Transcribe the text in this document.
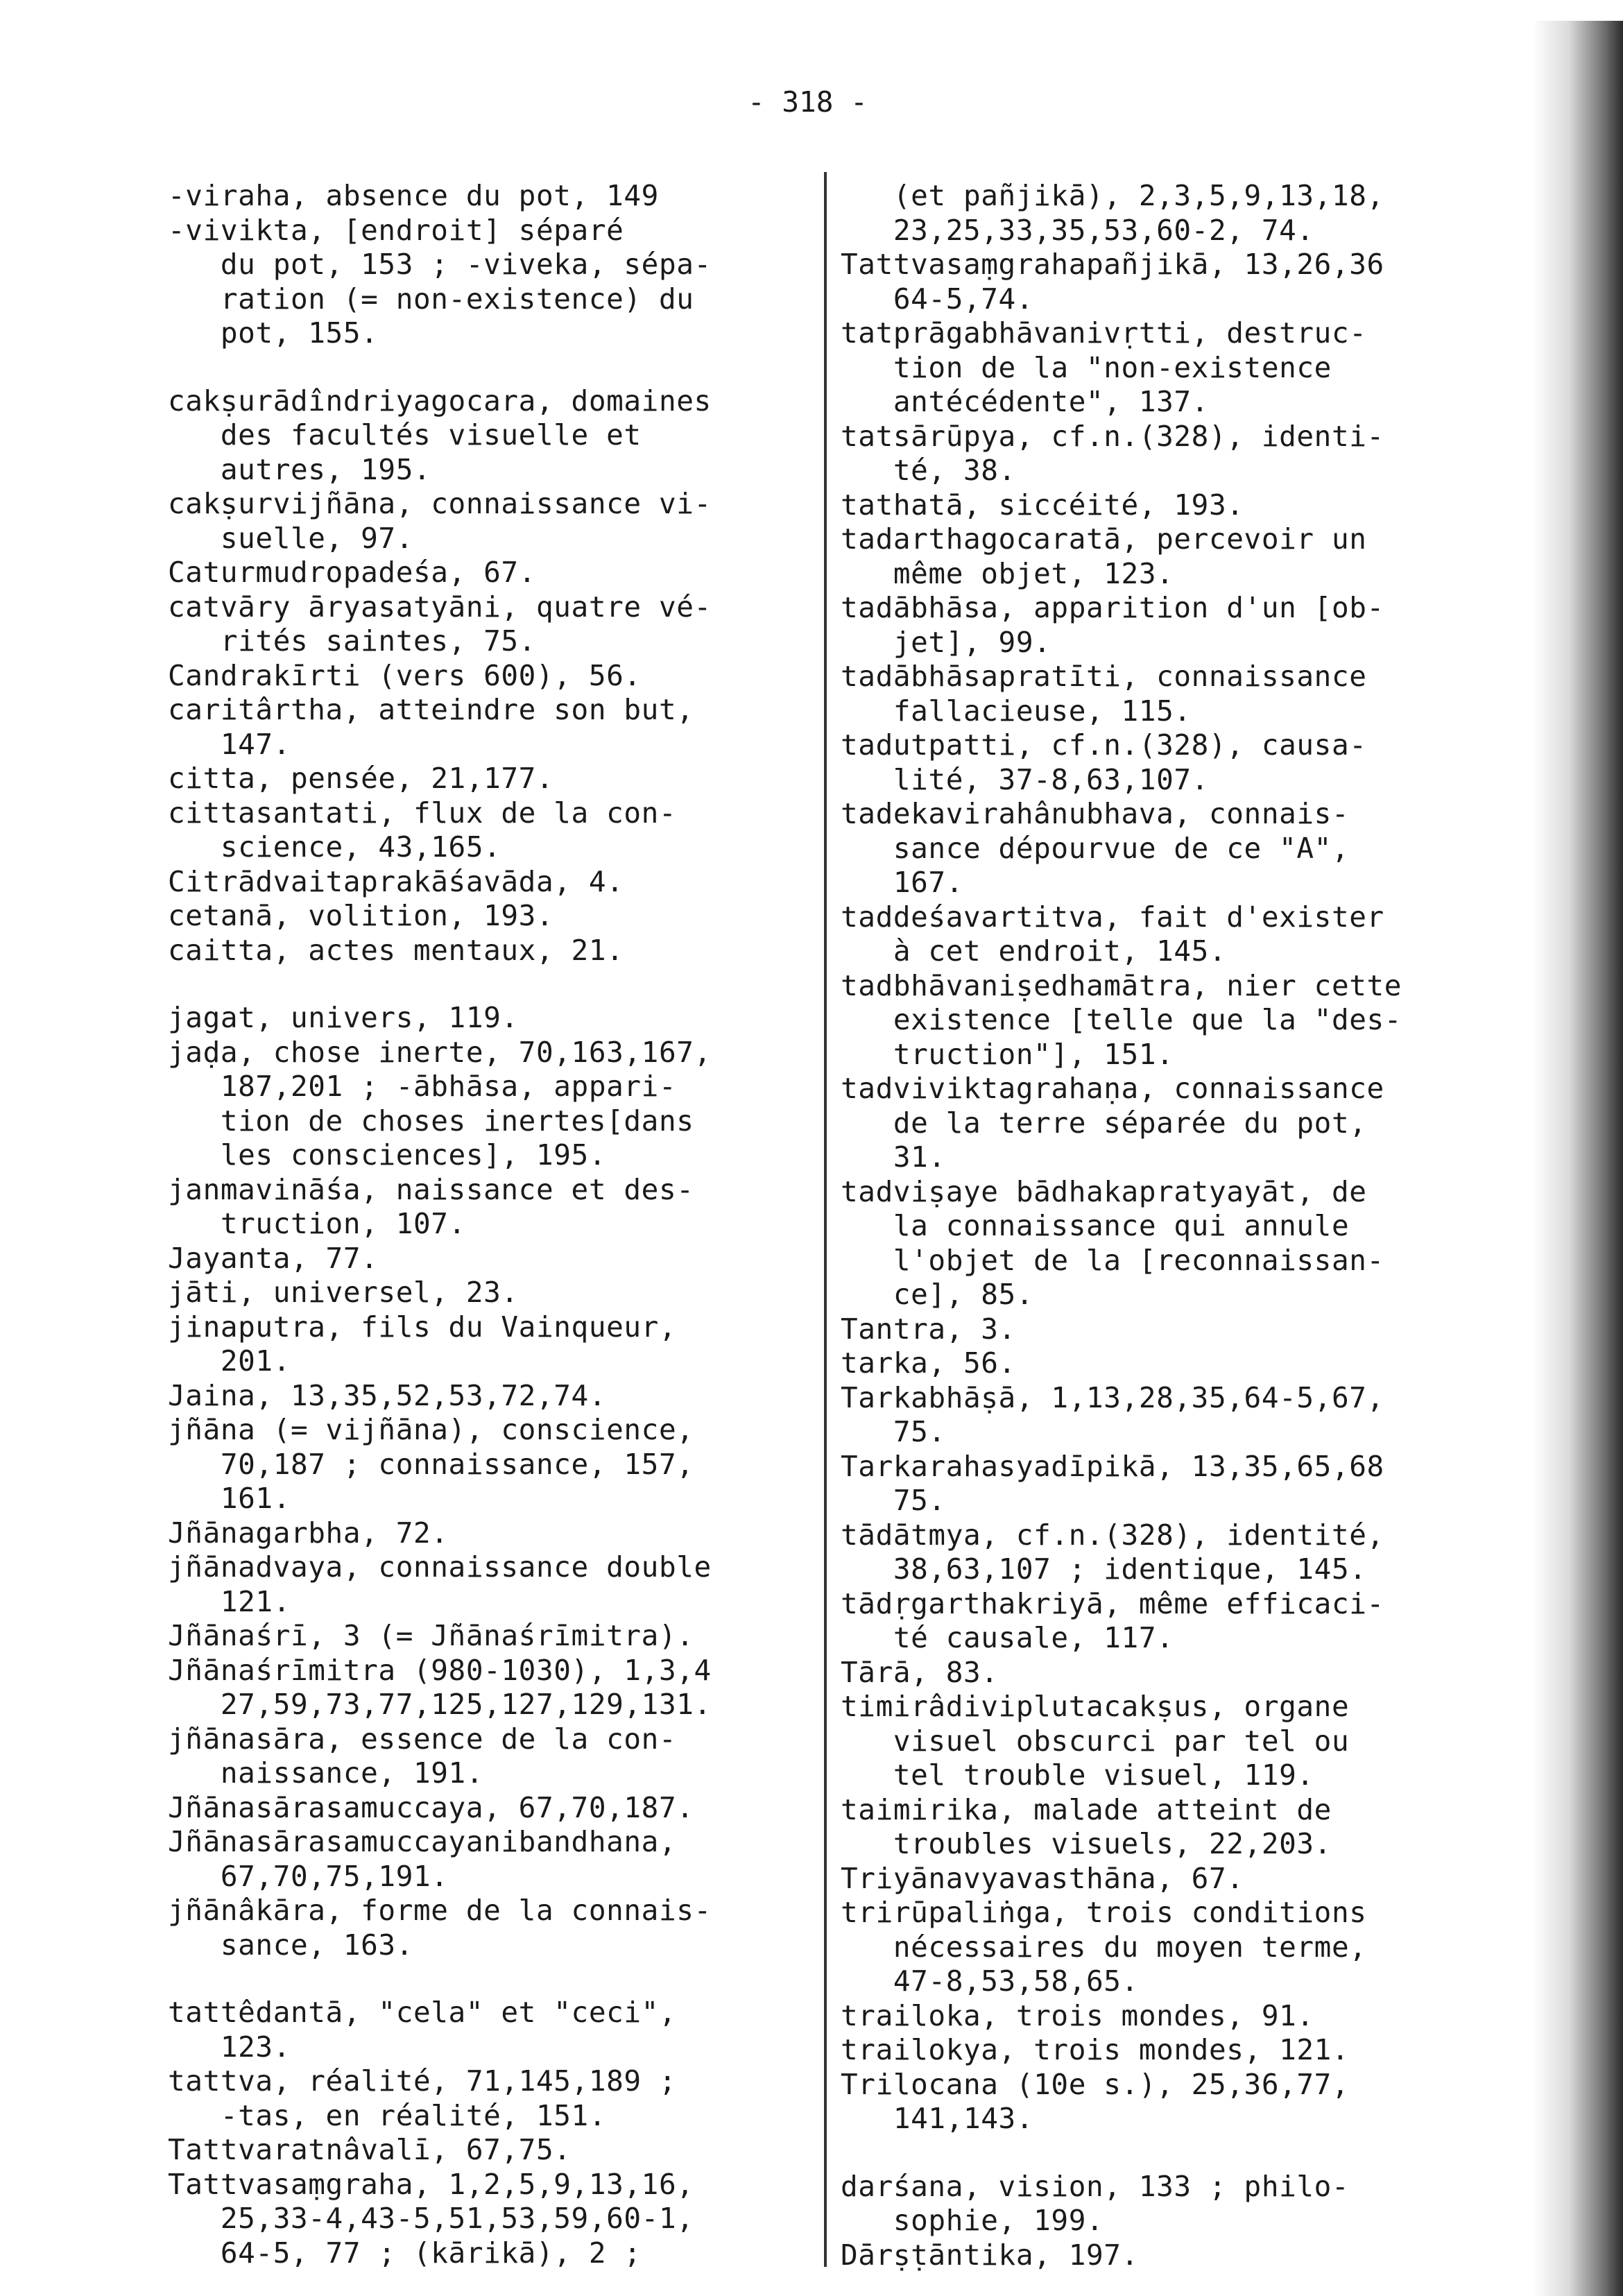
- 318 -
-viraha, absence du pot, 149
-vivikta, [endroit] séparé
du pot, 153 ; -viveka, sépa-
ration (= non-existence) du
pot, 155.
cakṣurādîndriyagocara, domaines
des facultés visuelle et
autres, 195.
cakṣurvijñāna, connaissance vi-
suelle, 97.
Caturmudropadeśa, 67.
catvāry āryasatyāni, quatre vé-
rités saintes, 75.
Candrakīrti (vers 600), 56.
caritârtha, atteindre son but,
147.
citta, pensée, 21,177.
cittasantati, flux de la con-
science, 43,165.
Citrādvaitaprakāśavāda, 4.
cetanā, volition, 193.
caitta, actes mentaux, 21.
jagat, univers, 119.
jaḍa, chose inerte, 70,163,167,
187,201 ; -ābhāsa, appari-
tion de choses inertes[dans
les consciences], 195.
janmavināśa, naissance et des-
truction, 107.
Jayanta, 77.
jāti, universel, 23.
jinaputra, fils du Vainqueur,
201.
Jaina, 13,35,52,53,72,74.
jñāna (= vijñāna), conscience,
70,187 ; connaissance, 157,
161.
Jñānagarbha, 72.
jñānadvaya, connaissance double
121.
Jñānaśrī, 3 (= Jñānaśrīmitra).
Jñānaśrīmitra (980-1030), 1,3,4
27,59,73,77,125,127,129,131.
jñānasāra, essence de la con-
naissance, 191.
Jñānasārasamuccaya, 67,70,187.
Jñānasārasamuccayanibandhana,
67,70,75,191.
jñānâkāra, forme de la connais-
sance, 163.
tattêdantā, "cela" et "ceci",
123.
tattva, réalité, 71,145,189 ;
-tas, en réalité, 151.
Tattvaratnâvalī, 67,75.
Tattvasaṃgraha, 1,2,5,9,13,16,
25,33-4,43-5,51,53,59,60-1,
64-5, 77 ; (kārikā), 2 ;
(et pañjikā), 2,3,5,9,13,18,
23,25,33,35,53,60-2, 74.
Tattvasaṃgrahapañjikā, 13,26,36
64-5,74.
tatprāgabhāvanivṛtti, destruc-
tion de la "non-existence
antécédente", 137.
tatsārūpya, cf.n.(328), identi-
té, 38.
tathatā, siccéité, 193.
tadarthagocaratā, percevoir un
même objet, 123.
tadābhāsa, apparition d'un [ob-
jet], 99.
tadābhāsapratīti, connaissance
fallacieuse, 115.
tadutpatti, cf.n.(328), causa-
lité, 37-8,63,107.
tadekavirahânubhava, connais-
sance dépourvue de ce "A",
167.
taddeśavartitva, fait d'exister
à cet endroit, 145.
tadbhāvaniṣedhamātra, nier cette
existence [telle que la "des-
truction"], 151.
tadviviktagrahaṇa, connaissance
de la terre séparée du pot,
31.
tadviṣaye bādhakapratyayāt, de
la connaissance qui annule
l'objet de la [reconnaissan-
ce], 85.
Tantra, 3.
tarka, 56.
Tarkabhāṣā, 1,13,28,35,64-5,67,
75.
Tarkarahasyadīpikā, 13,35,65,68
75.
tādātmya, cf.n.(328), identité,
38,63,107 ; identique, 145.
tādṛgarthakriyā, même efficaci-
té causale, 117.
Tārā, 83.
timirâdiviplutacakṣus, organe
visuel obscurci par tel ou
tel trouble visuel, 119.
taimirika, malade atteint de
troubles visuels, 22,203.
Triyānavyavasthāna, 67.
trirūpaliṅga, trois conditions
nécessaires du moyen terme,
47-8,53,58,65.
trailoka, trois mondes, 91.
trailokya, trois mondes, 121.
Trilocana (10e s.), 25,36,77,
141,143.
darśana, vision, 133 ; philo-
sophie, 199.
Dārṣṭāntika, 197.
